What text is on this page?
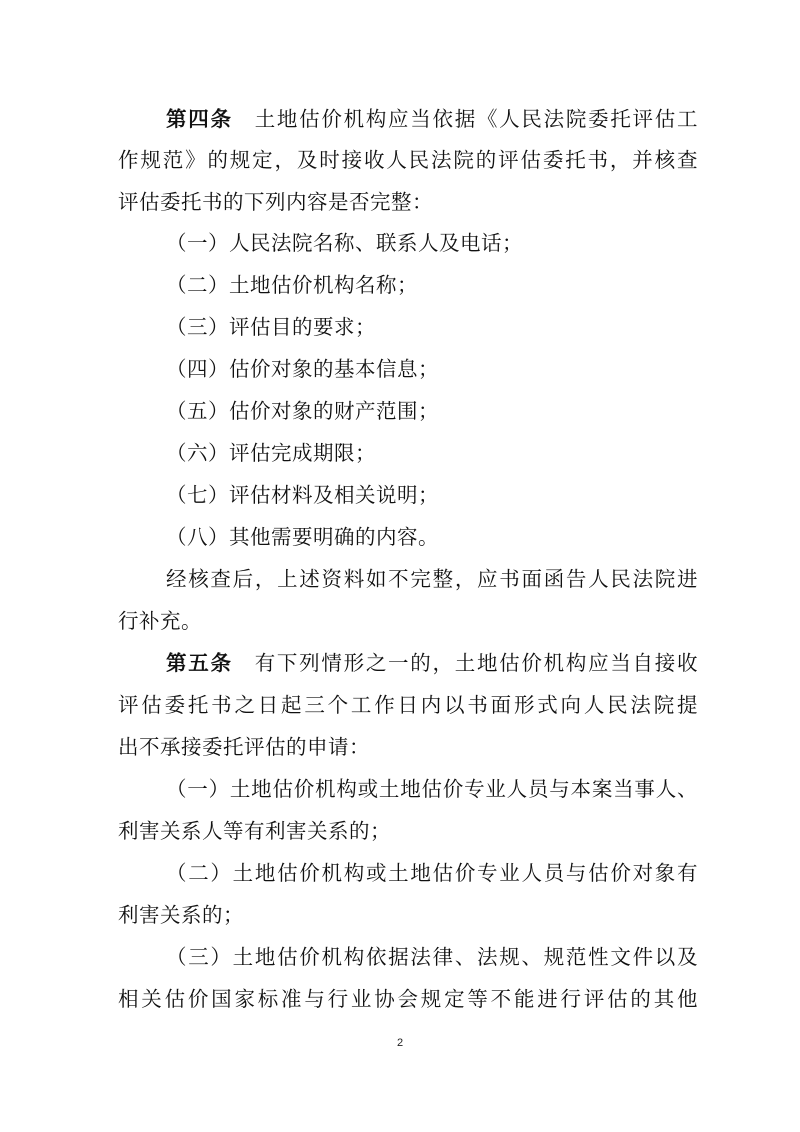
第四条 土地估价机构应当依据《人民法院委托评估工
作规范》的规定，及时接收人民法院的评估委托书，并核查
评估委托书的下列内容是否完整：
（一）人民法院名称、联系人及电话；
（二）土地估价机构名称；
（三）评估目的要求；
（四）估价对象的基本信息；
（五）估价对象的财产范围；
（六）评估完成期限；
（七）评估材料及相关说明；
（八）其他需要明确的内容。
经核查后，上述资料如不完整，应书面函告人民法院进
行补充。
第五条 有下列情形之一的，土地估价机构应当自接收
评估委托书之日起三个工作日内以书面形式向人民法院提
出不承接委托评估的申请：
（一）土地估价机构或土地估价专业人员与本案当事人、
利害关系人等有利害关系的；
（二）土地估价机构或土地估价专业人员与估价对象有
利害关系的；
（三）土地估价机构依据法律、法规、规范性文件以及
相关估价国家标准与行业协会规定等不能进行评估的其他
2
